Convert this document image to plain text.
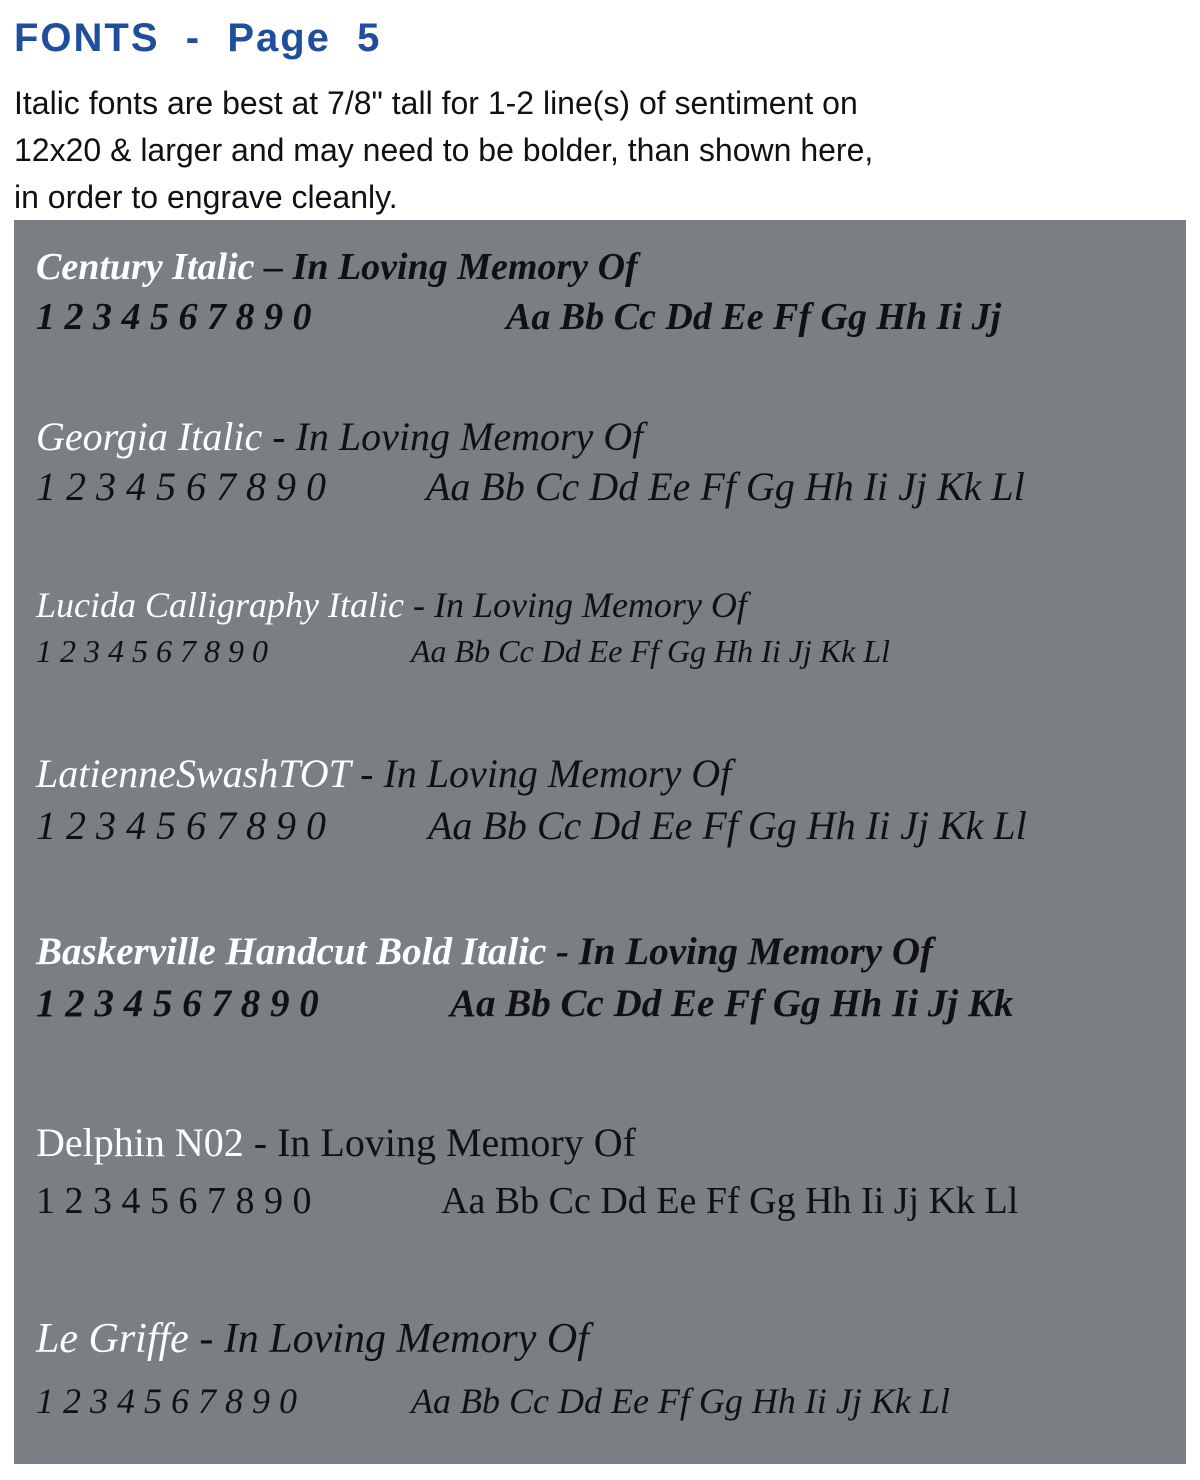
FONTS  -  Page  5
Italic fonts are best at 7/8" tall for 1-2 line(s) of sentiment on
12x20 & larger and may need to be bolder, than shown here,
in order to engrave cleanly.
Century Italic – In Loving Memory Of
1 2 3 4 5 6 7 8 9 0	Aa Bb Cc Dd Ee Ff Gg Hh Ii Jj
Georgia Italic - In Loving Memory Of
1 2 3 4 5 6 7 8 9 0	Aa Bb Cc Dd Ee Ff Gg Hh Ii Jj Kk Ll
Lucida Calligraphy Italic - In Loving Memory Of
1 2 3 4 5 6 7 8 9 0	Aa Bb Cc Dd Ee Ff Gg Hh Ii Jj Kk Ll
LatienneSwashTOT - In Loving Memory Of
1 2 3 4 5 6 7 8 9 0	Aa Bb Cc Dd Ee Ff Gg Hh Ii Jj Kk Ll
Baskerville Handcut Bold Italic - In Loving Memory Of
1 2 3 4 5 6 7 8 9 0	Aa Bb Cc Dd Ee Ff Gg Hh Ii Jj Kk
Delphin N02 - In Loving Memory Of
1 2 3 4 5 6 7 8 9 0	Aa Bb Cc Dd Ee Ff Gg Hh Ii Jj Kk Ll
Le Griffe - In Loving Memory Of
1 2 3 4 5 6 7 8 9 0	Aa Bb Cc Dd Ee Ff Gg Hh Ii Jj Kk Ll
